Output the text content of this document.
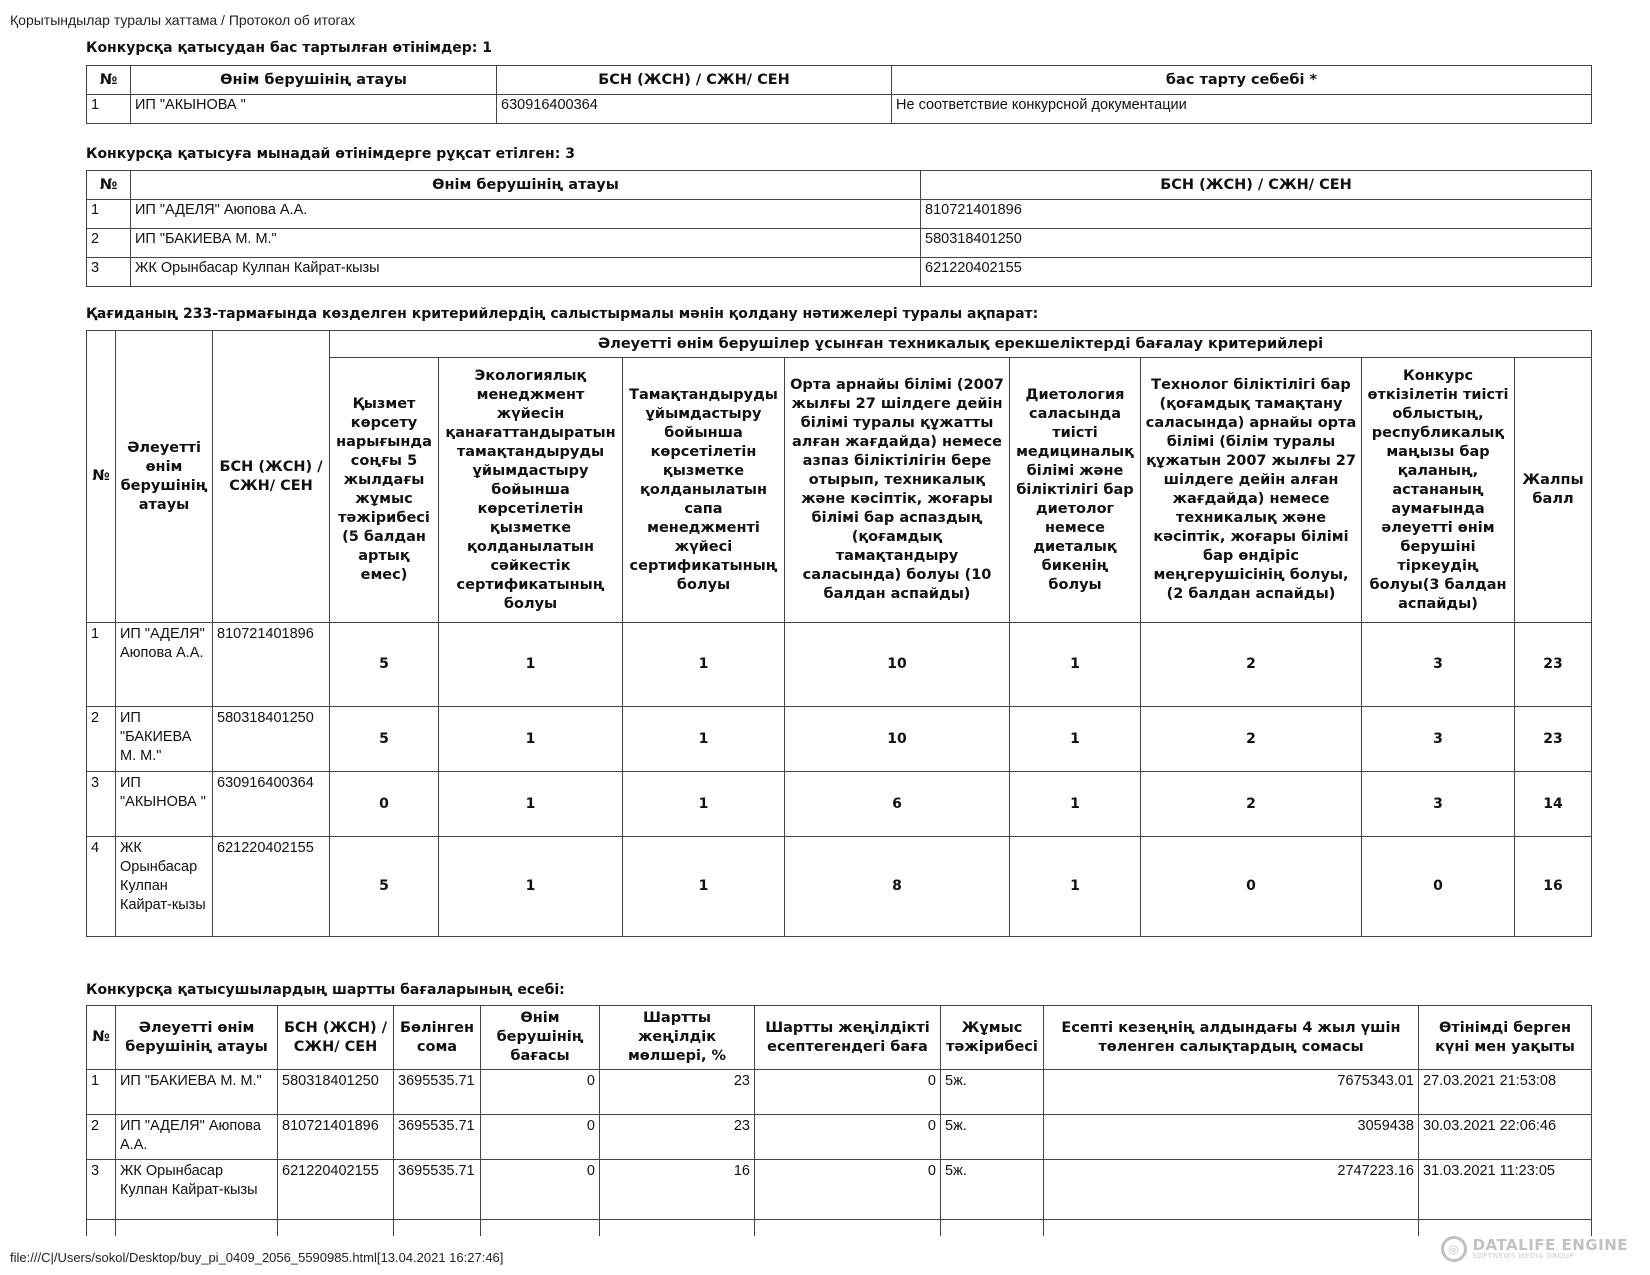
Қорытындылар туралы хаттама / Протокол об итогах
Конкурсқа қатысудан бас тартылған өтінімдер: 1
№	Өнім берушінің атауы	БСН (ЖСН) / СЖН/ СЕН	бас тарту себебі *
1	ИП "АКЫНОВА "	630916400364	Не соответствие конкурсной документации
Конкурсқа қатысуға мынадай өтінімдерге рұқсат етілген: 3
№	Өнім берушінің атауы	БСН (ЖСН) / СЖН/ СЕН
1	ИП "АДЕЛЯ" Аюпова А.А.	810721401896
2	ИП "БАКИЕВА М. М."	580318401250
3	ЖК Орынбасар Кулпан Кайрат-кызы	621220402155
Қағиданың 233-тармағында көзделген критерийлердің салыстырмалы мәнін қолдану нәтижелері туралы ақпарат:
№	Әлеуетті өнім берушінің атауы	БСН (ЖСН) / СЖН/ СЕН	Әлеуетті өнім берушілер ұсынған техникалық ерекшеліктерді бағалау критерийлері							
Қызмет көрсету нарығында соңғы 5 жылдағы жұмыс тәжірибесі (5 балдан артық емес)	Экологиялық менеджмент жүйесін қанағаттандыратын тамақтандыруды ұйымдастыру бойынша көрсетілетін қызметке қолданылатын сәйкестік сертификатының болуы	Тамақтандыруды ұйымдастыру бойынша көрсетілетін қызметке қолданылатын сапа менеджменті жүйесі сертификатының болуы	Орта арнайы білімі (2007 жылғы 27 шілдеге дейін білімі туралы құжатты алған жағдайда) немесе азпаз біліктілігін бере отырып, техникалық және кәсіптік, жоғары білімі бар аспаздың (қоғамдық тамақтандыру саласында) болуы (10 балдан аспайды)	Диетология саласында тиісті медициналық білімі және біліктілігі бар диетолог немесе диеталық бикенің болуы	Технолог біліктілігі бар (қоғамдық тамақтану саласында) арнайы орта білімі (білім туралы құжатын 2007 жылғы 27 шілдеге дейін алған жағдайда) немесе техникалық және кәсіптік, жоғары білімі бар өндіріс меңгерушісінің болуы, (2 балдан аспайды)	Конкурс өткізілетін тиісті облыстың, республикалық маңызы бар қаланың, астананың аумағында әлеуетті өнім берушіні тіркеудің болуы(3 балдан аспайды)	Жалпы балл
1	ИП "АДЕЛЯ" Аюпова А.А.	810721401896	5	1	1	10	1	2	3	23
2	ИП "БАКИЕВА М. М."	580318401250	5	1	1	10	1	2	3	23
3	ИП "АКЫНОВА "	630916400364	0	1	1	6	1	2	3	14
4	ЖК Орынбасар Кулпан Кайрат-кызы	621220402155	5	1	1	8	1	0	0	16
Конкурсқа қатысушылардың шартты бағаларының есебі:
№	Әлеуетті өнім берушінің атауы	БСН (ЖСН) / СЖН/ СЕН	Бөлінген сома	Өнім берушінің бағасы	Шартты жеңілдік мөлшері, %	Шартты жеңілдікті есептегендегі баға	Жұмыс тәжірибесі	Есепті кезеңнің алдындағы 4 жыл үшін төленген салықтардың сомасы	Өтінімді берген күні мен уақыты
1	ИП "БАКИЕВА М. М."	580318401250	3695535.71	0	23	0	5ж.	7675343.01	27.03.2021 21:53:08
2	ИП "АДЕЛЯ" Аюпова А.А.	810721401896	3695535.71	0	23	0	5ж.	3059438	30.03.2021 22:06:46
3	ЖК Орынбасар Кулпан Кайрат-кызы	621220402155	3695535.71	0	16	0	5ж.	2747223.16	31.03.2021 11:23:05

file:///C|/Users/sokol/Desktop/buy_pi_0409_2056_5590985.html[13.04.2021 16:27:46]
◎ DATALIFE ENGINE
SOFTNEWS MEDIA GROUP
